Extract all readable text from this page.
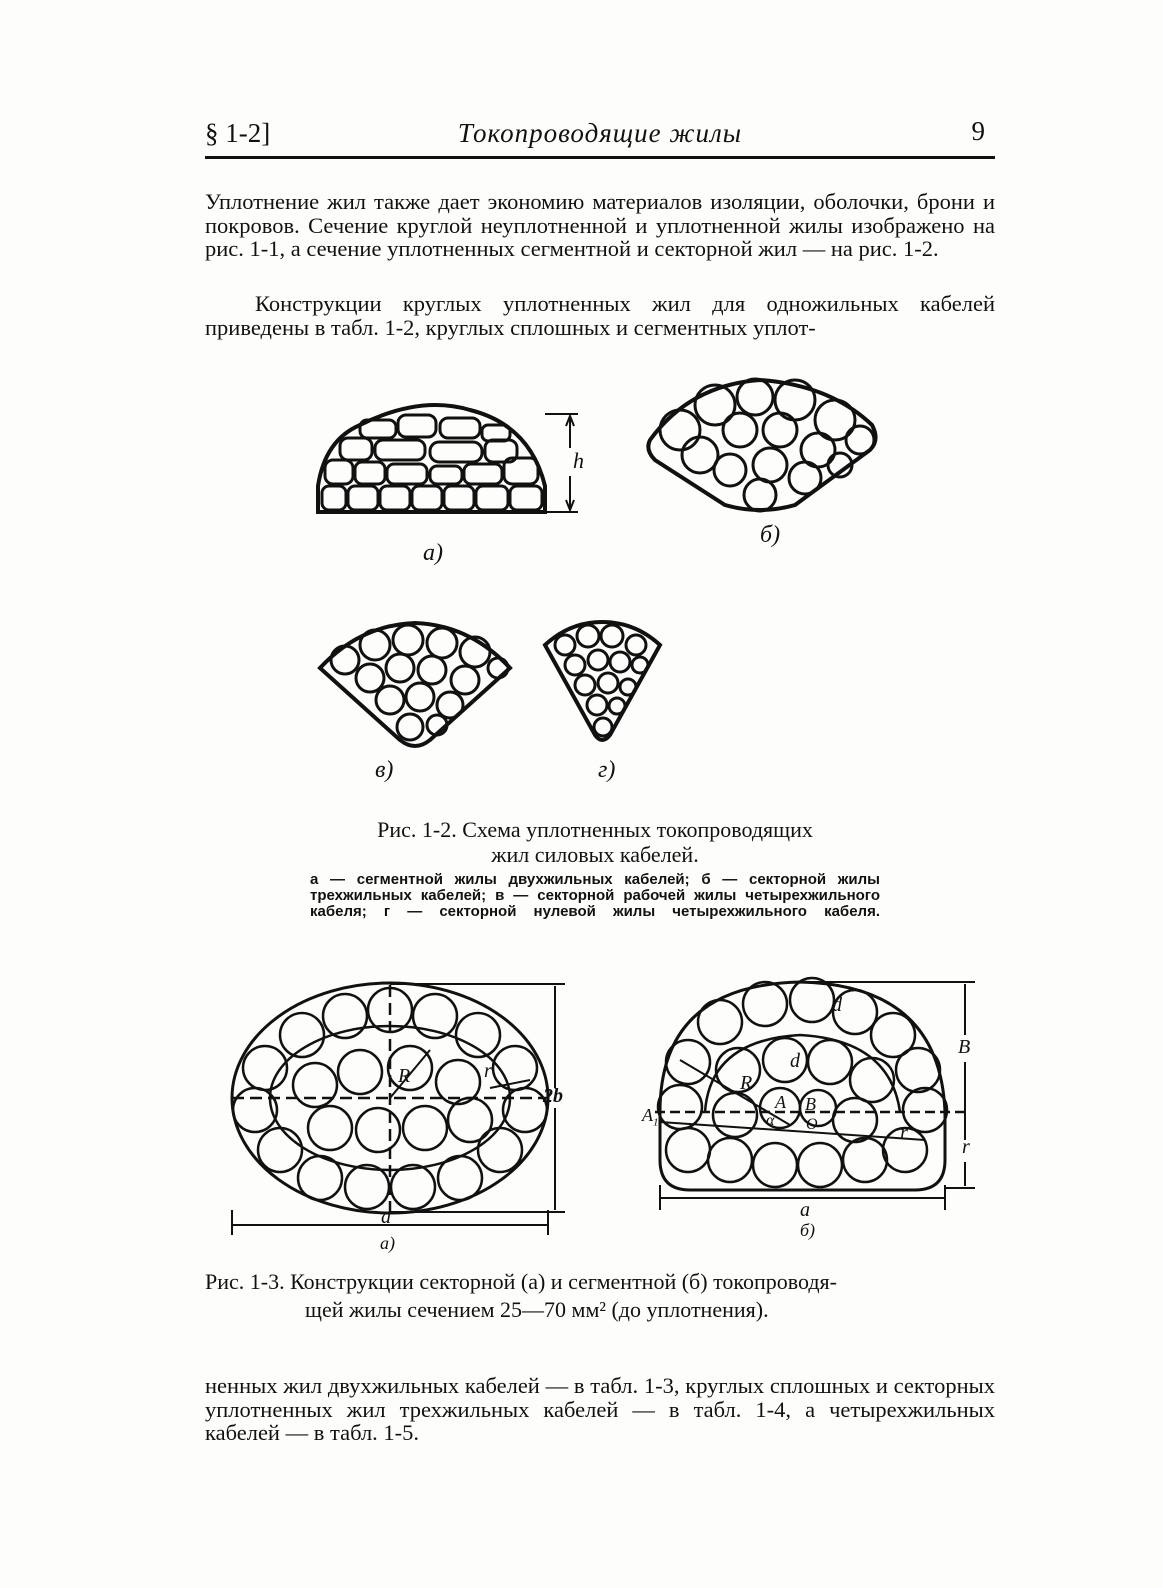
§ 1-2]	Токопроводящие жилы	9
Уплотнение жил также дает экономию материалов изоляции, оболочки, брони и покровов. Сечение круглой неуплотненной и уплотненной жилы изображено на рис. 1-1, а сечение уплотненных сегментной и секторной жил — на рис. 1-2.
Конструкции круглых уплотненных жил для одножильных кабелей приведены в табл. 1-2, круглых сплошных и сегментных уплот-
h
а)
б)
в)	г)
Рис. 1-2. Схема уплотненных токопроводящих
жил силовых кабелей.
а — сегментной жилы двухжильных кабелей; б — секторной жилы трехжильных кабелей; в — секторной рабочей жилы четырехжильного кабеля; г — секторной нулевой жилы четырехжильного кабеля.
a
2b
R	r
а)
a
B
r
d
d
R
r
A B
α O
$A_1$
б)
Рис. 1-3. Конструкции секторной (а) и сегментной (б) токопроводя-
щей жилы сечением 25—70 мм² (до уплотнения).
ненных жил двухжильных кабелей — в табл. 1-3, круглых сплошных и секторных уплотненных жил трехжильных кабелей — в табл. 1-4, а четырехжильных кабелей — в табл. 1-5.
